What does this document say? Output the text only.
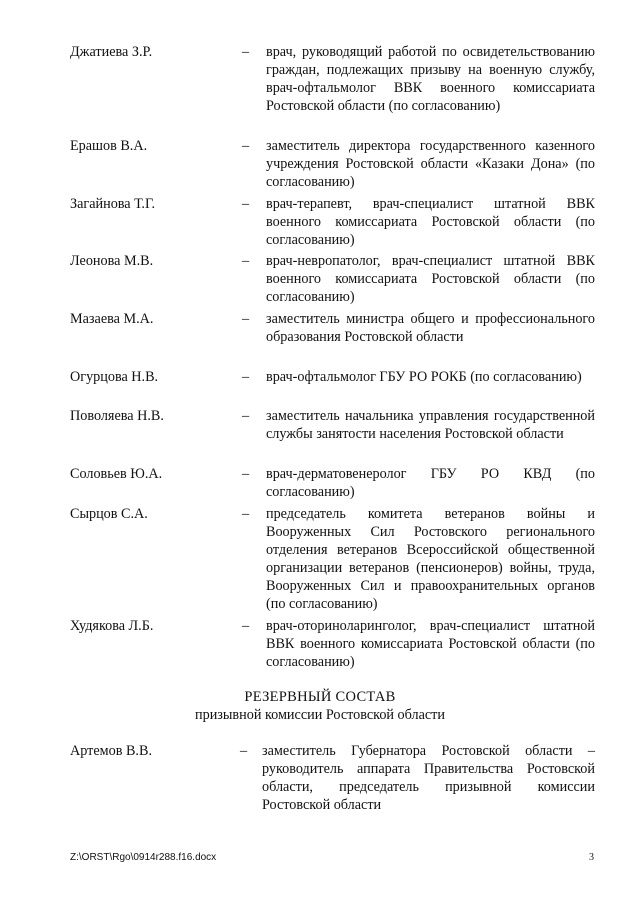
Джатиева З.Р.	– врач, руководящий работой по освидетельствованию граждан, подлежащих призыву на военную службу, врач-офтальмолог ВВК военного комиссариата Ростовской области (по согласованию)
Ерашов В.А.	– заместитель директора государственного казенного учреждения Ростовской области «Казаки Дона» (по согласованию)
Загайнова Т.Г.	– врач-терапевт, врач-специалист штатной ВВК военного комиссариата Ростовской области (по согласованию)
Леонова М.В.	– врач-невропатолог, врач-специалист штатной ВВК военного комиссариата Ростовской области (по согласованию)
Мазаева М.А.	– заместитель министра общего и профессионального образования Ростовской области
Огурцова Н.В.	– врач-офтальмолог ГБУ РО РОКБ (по согласованию)
Поволяева Н.В.	– заместитель начальника управления государственной службы занятости населения Ростовской области
Соловьев Ю.А.	– врач-дерматовенеролог ГБУ РО КВД (по согласованию)
Сырцов С.А.	– председатель комитета ветеранов войны и Вооруженных Сил Ростовского регионального отделения ветеранов Всероссийской общественной организации ветеранов (пенсионеров) войны, труда, Вооруженных Сил и правоохранительных органов (по согласованию)
Худякова Л.Б.	– врач-оториноларинголог, врач-специалист штатной ВВК военного комиссариата Ростовской области (по согласованию)
РЕЗЕРВНЫЙ СОСТАВ
призывной комиссии Ростовской области
Артемов В.В.	– заместитель Губернатора Ростовской области – руководитель аппарата Правительства Ростовской области, председатель призывной комиссии Ростовской области
Z:\ORST\Rgo\0914r288.f16.docx	3
